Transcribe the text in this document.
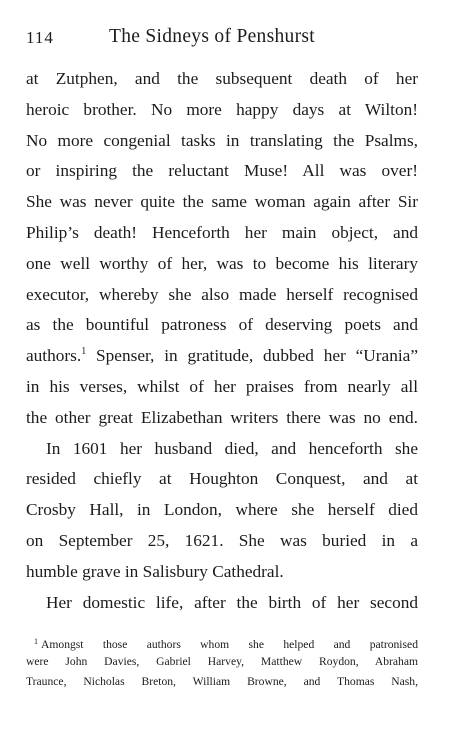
114	The Sidneys of Penshurst
at Zutphen, and the subsequent death of her
heroic brother. No more happy days at Wilton!
No more congenial tasks in translating the Psalms,
or inspiring the reluctant Muse! All was over!
She was never quite the same woman again after Sir
Philip’s death! Henceforth her main object, and
one well worthy of her, was to become his literary
executor, whereby she also made herself recognised
as the bountiful patroness of deserving poets and
authors.$^1$ Spenser, in gratitude, dubbed her “Urania”
in his verses, whilst of her praises from nearly all
the other great Elizabethan writers there was no end.
In 1601 her husband died, and henceforth she
resided chiefly at Houghton Conquest, and at
Crosby Hall, in London, where she herself died
on September 25, 1621. She was buried in a
humble grave in Salisbury Cathedral.
Her domestic life, after the birth of her second
$^1$ Amongst those authors whom she helped and patronised
were John Davies, Gabriel Harvey, Matthew Roydon, Abraham
Traunce, Nicholas Breton, William Browne, and Thomas Nash,
